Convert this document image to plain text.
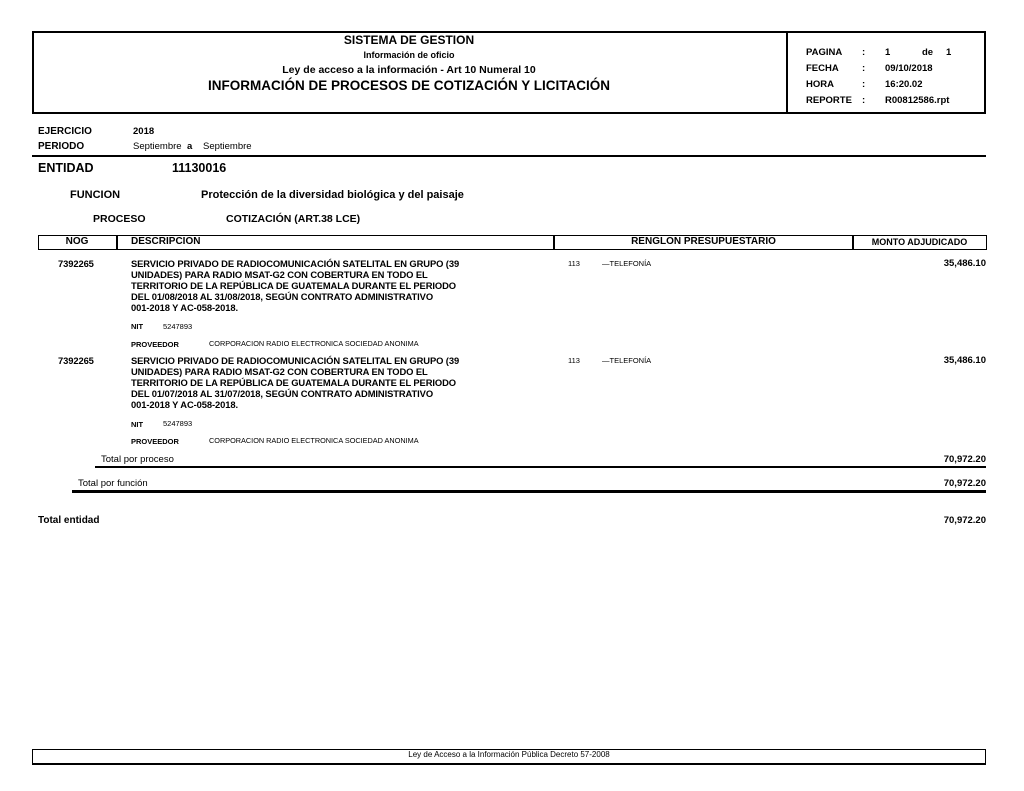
SISTEMA DE GESTION
Información de oficio
Ley de acceso a la información - Art 10 Numeral 10
INFORMACIÓN DE PROCESOS DE COTIZACIÓN Y LICITACIÓN
PAGINA : 1	de 1
FECHA : 09/10/2018
HORA	: 16:20.02
REPORTE : R00812586.rpt
EJERCICIO	2018
PERIODO	Septiembre a Septiembre
ENTIDAD	11130016
FUNCION	Protección de la diversidad biológica y del paisaje
PROCESO	COTIZACIÓN (ART.38 LCE)
NOG	DESCRIPCION	RENGLON PRESUPUESTARIO	MONTO ADJUDICADO
7392265	SERVICIO PRIVADO DE RADIOCOMUNICACIÓN SATELITAL EN GRUPO (39
UNIDADES) PARA RADIO MSAT-G2 CON COBERTURA EN TODO EL
TERRITORIO DE LA REPÚBLICA DE GUATEMALA DURANTE EL PERIODO
DEL 01/08/2018 AL 31/08/2018, SEGÚN CONTRATO ADMINISTRATIVO
001-2018 Y AC-058-2018.
NIT	5247893
PROVEEDOR	CORPORACION RADIO ELECTRONICA SOCIEDAD ANONIMA
113	—TELEFONÍA	35,486.10
7392265	SERVICIO PRIVADO DE RADIOCOMUNICACIÓN SATELITAL EN GRUPO (39
UNIDADES) PARA RADIO MSAT-G2 CON COBERTURA EN TODO EL
TERRITORIO DE LA REPÚBLICA DE GUATEMALA DURANTE EL PERIODO
DEL 01/07/2018 AL 31/07/2018, SEGÚN CONTRATO ADMINISTRATIVO
001-2018 Y AC-058-2018.
NIT	5247893
PROVEEDOR	CORPORACION RADIO ELECTRONICA SOCIEDAD ANONIMA
113	—TELEFONÍA	35,486.10
Total por proceso	70,972.20
Total por función	70,972.20
Total entidad	70,972.20
Ley de Acceso a la Información Pública Decreto 57-2008
